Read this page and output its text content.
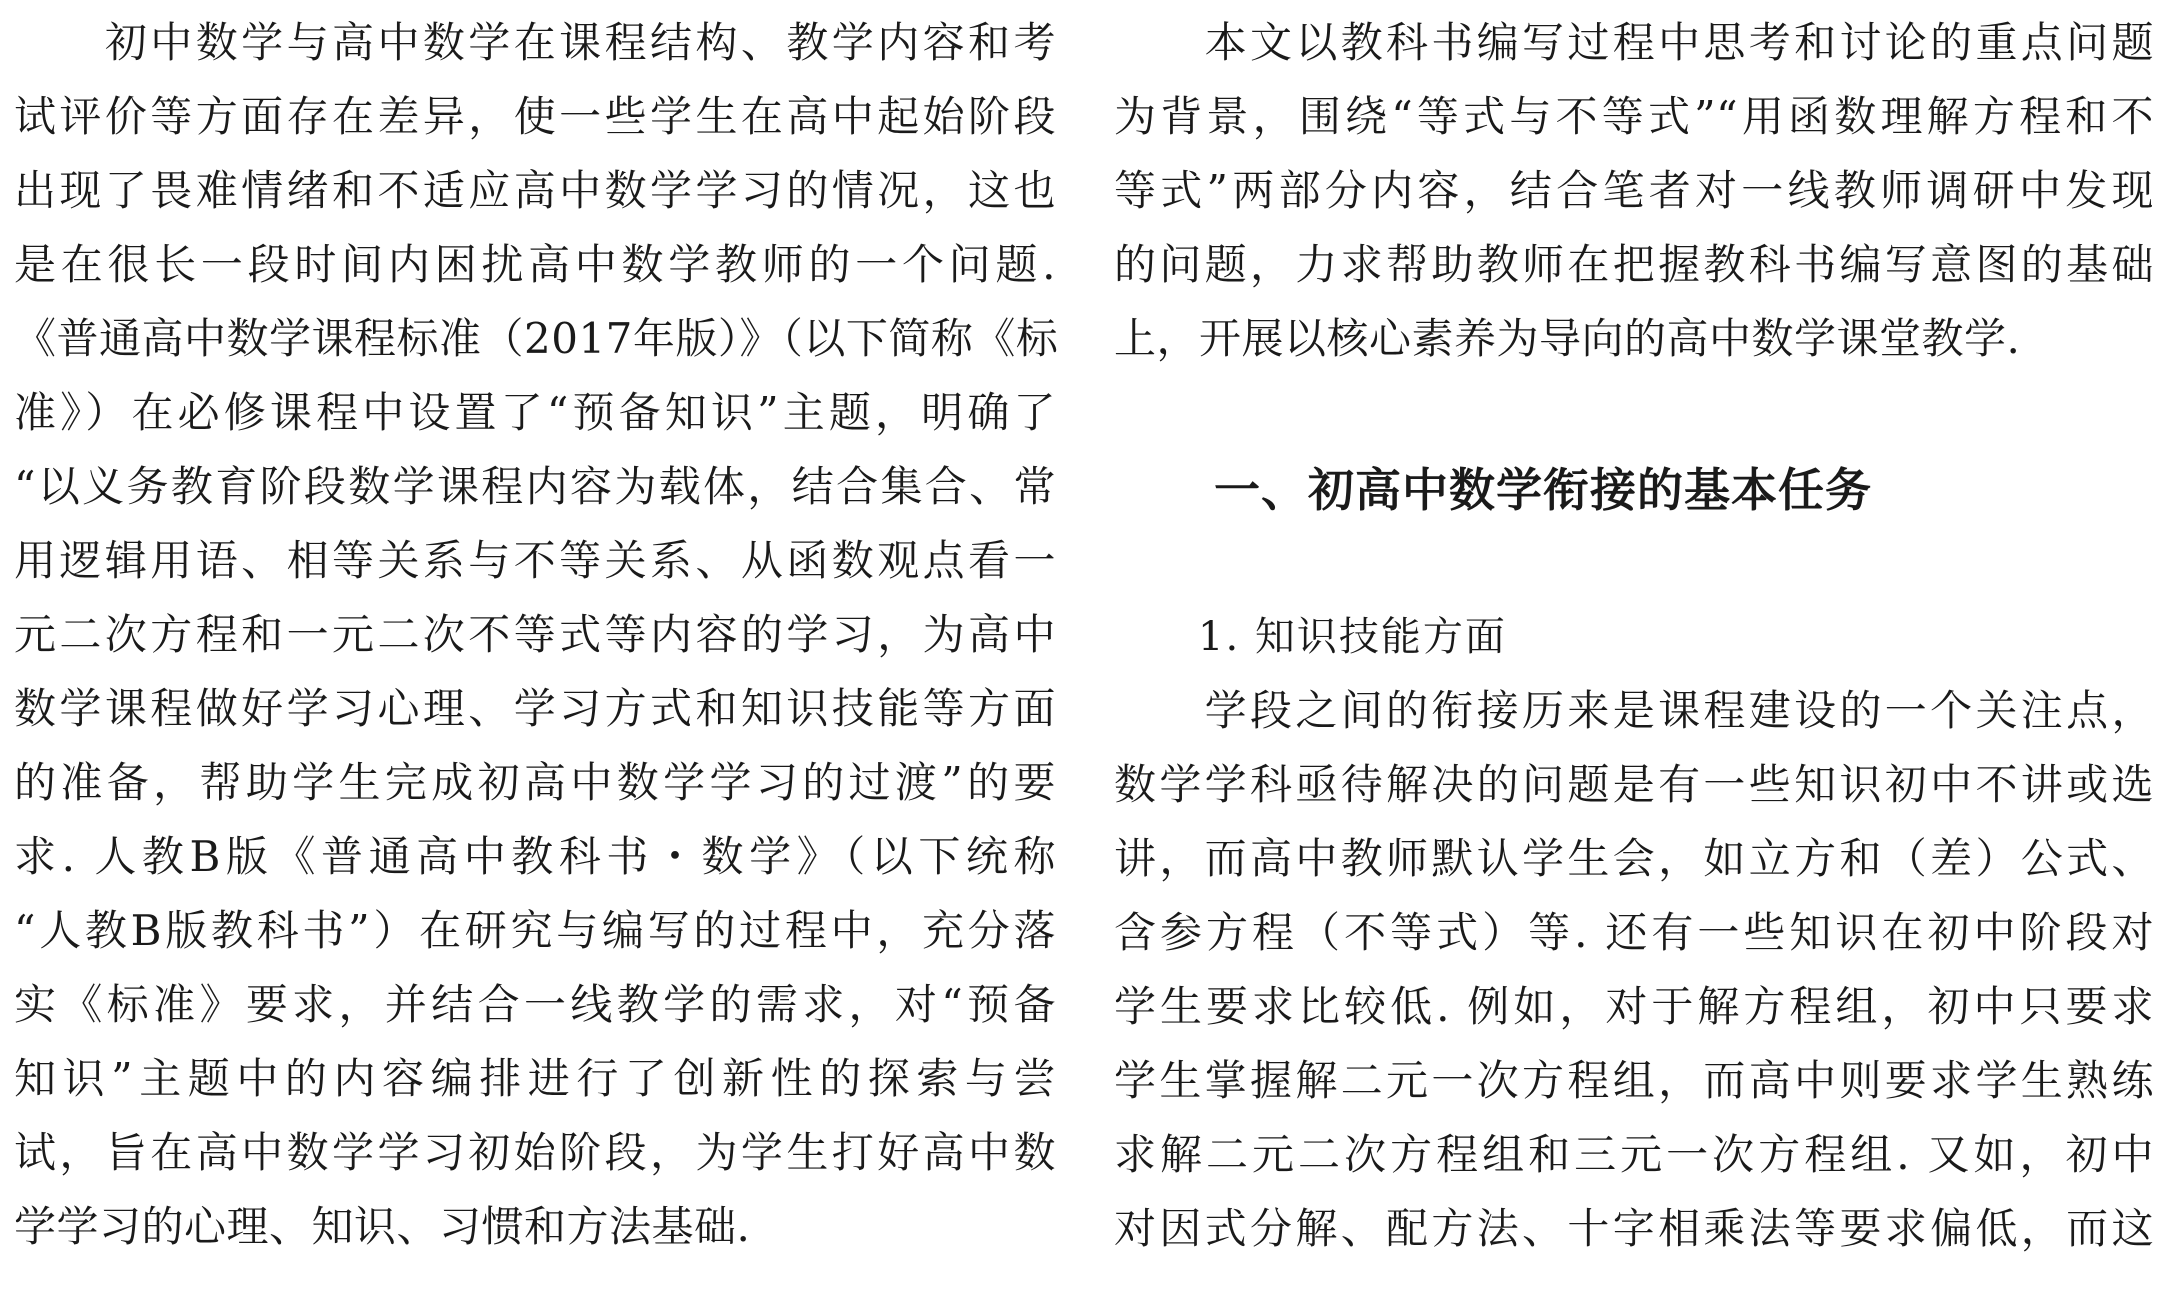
　　初中数学与高中数学在课程结构、教学内容和考
试评价等方面存在差异，使一些学生在高中起始阶段
出现了畏难情绪和不适应高中数学学习的情况，这也
是在很长一段时间内困扰高中数学教师的一个问题.
《普通高中数学课程标准（2017年版）》（以下简称《标
准》）在必修课程中设置了“预备知识”主题，明确了
“以义务教育阶段数学课程内容为载体，结合集合、常
用逻辑用语、相等关系与不等关系、从函数观点看一
元二次方程和一元二次不等式等内容的学习，为高中
数学课程做好学习心理、学习方式和知识技能等方面
的准备，帮助学生完成初高中数学学习的过渡”的要
求. 人教B版《普通高中教科书・数学》（以下统称
“人教B版教科书”）在研究与编写的过程中，充分落
实《标准》要求，并结合一线教学的需求，对“预备
知识”主题中的内容编排进行了创新性的探索与尝
试，旨在高中数学学习初始阶段，为学生打好高中数
学学习的心理、知识、习惯和方法基础.
　　本文以教科书编写过程中思考和讨论的重点问题
为背景，围绕“等式与不等式”“用函数理解方程和不
等式”两部分内容，结合笔者对一线教师调研中发现
的问题，力求帮助教师在把握教科书编写意图的基础
上，开展以核心素养为导向的高中数学课堂教学.
一、初高中数学衔接的基本任务
1. 知识技能方面
　　学段之间的衔接历来是课程建设的一个关注点，
数学学科亟待解决的问题是有一些知识初中不讲或选
讲，而高中教师默认学生会，如立方和（差）公式、
含参方程（不等式）等. 还有一些知识在初中阶段对
学生要求比较低. 例如，对于解方程组，初中只要求
学生掌握解二元一次方程组，而高中则要求学生熟练
求解二元二次方程组和三元一次方程组. 又如，初中
对因式分解、配方法、十字相乘法等要求偏低，而这
